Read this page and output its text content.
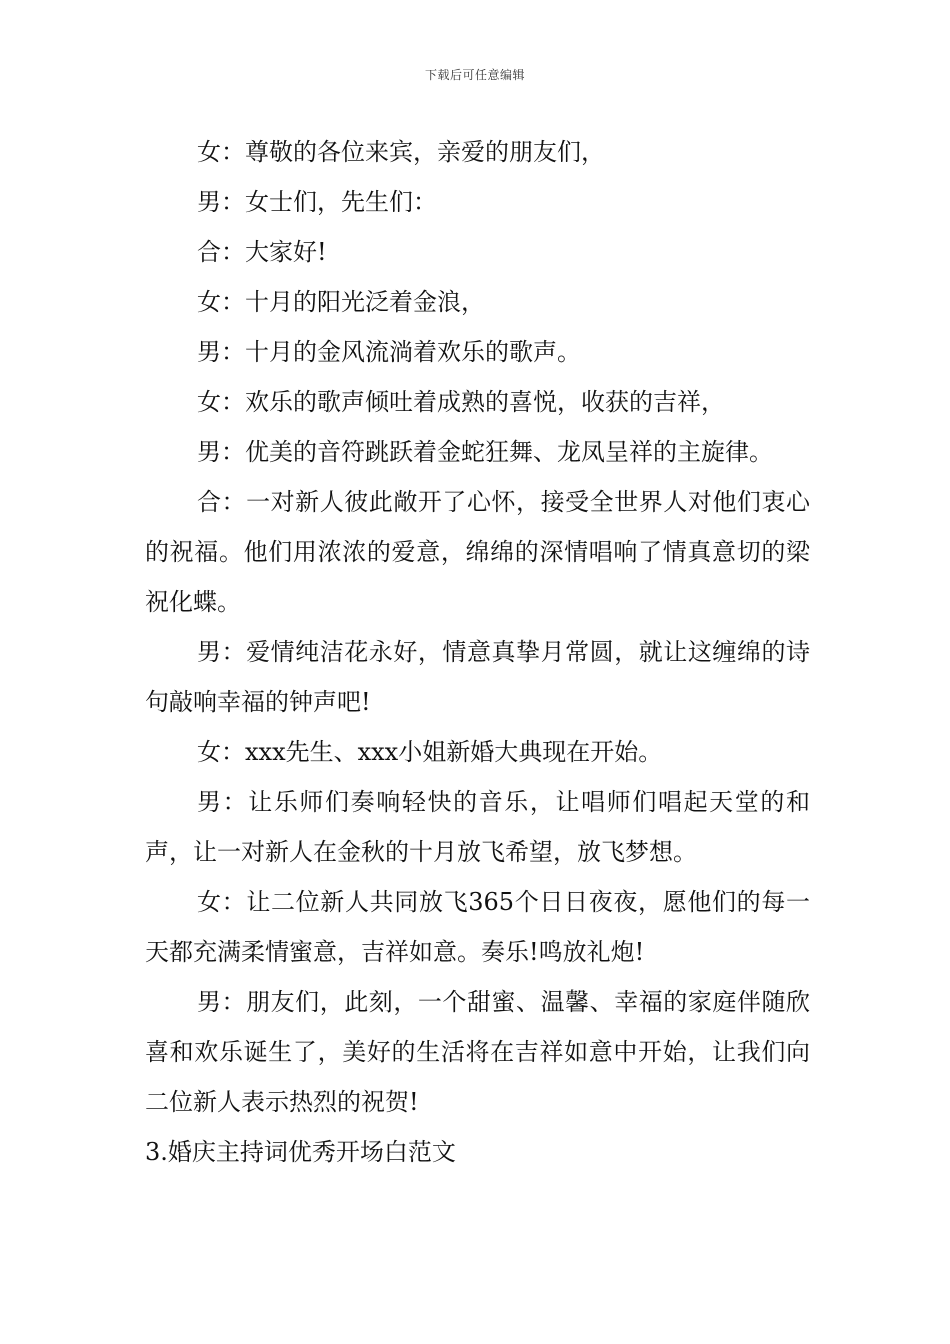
下载后可任意编辑

女：尊敬的各位来宾，亲爱的朋友们，

男：女士们，先生们：

合：大家好!

女：十月的阳光泛着金浪，

男：十月的金风流淌着欢乐的歌声。

女：欢乐的歌声倾吐着成熟的喜悦，收获的吉祥，

男：优美的音符跳跃着金蛇狂舞、龙凤呈祥的主旋律。

合：一对新人彼此敞开了心怀，接受全世界人对他们衷心的祝福。他们用浓浓的爱意，绵绵的深情唱响了情真意切的梁祝化蝶。

男：爱情纯洁花永好，情意真挚月常圆，就让这缠绵的诗句敲响幸福的钟声吧!

女：xxx先生、xxx小姐新婚大典现在开始。

男：让乐师们奏响轻快的音乐，让唱师们唱起天堂的和声，让一对新人在金秋的十月放飞希望，放飞梦想。

女：让二位新人共同放飞365个日日夜夜，愿他们的每一天都充满柔情蜜意，吉祥如意。奏乐!鸣放礼炮!

男：朋友们，此刻，一个甜蜜、温馨、幸福的家庭伴随欣喜和欢乐诞生了，美好的生活将在吉祥如意中开始，让我们向二位新人表示热烈的祝贺!

3.婚庆主持词优秀开场白范文
